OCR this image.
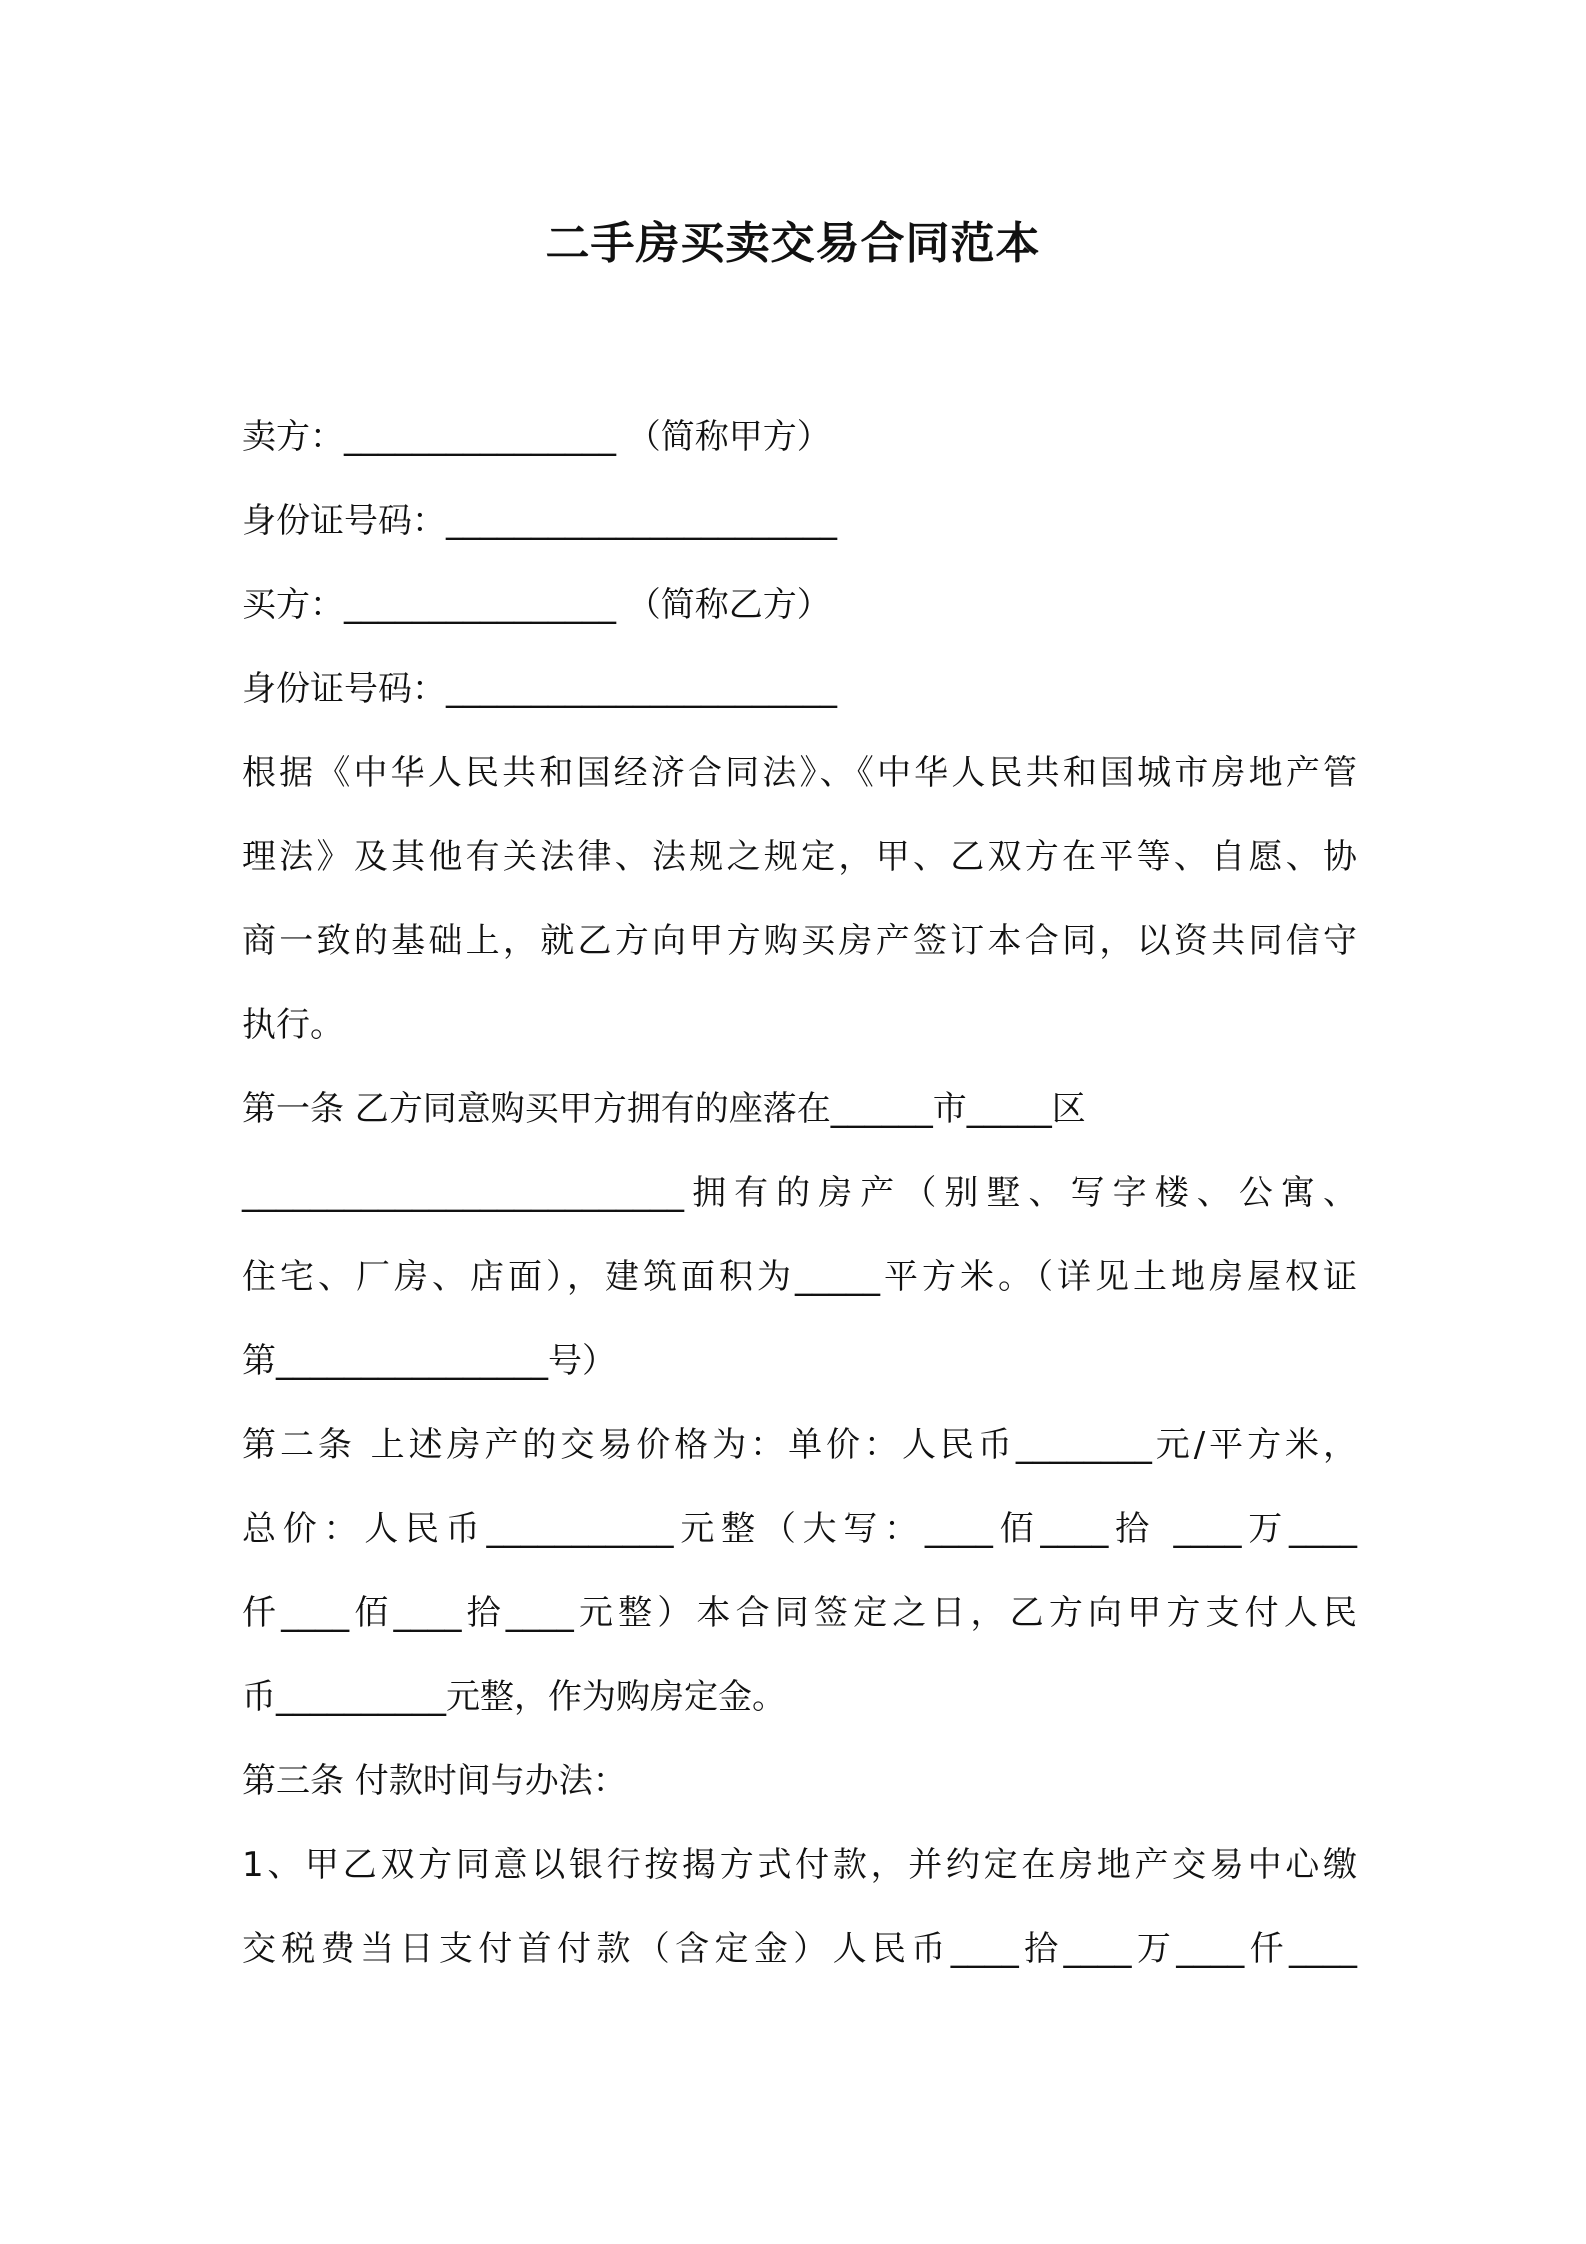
二手房买卖交易合同范本
卖方：________________ （简称甲方）
身份证号码：_______________________
买方：________________ （简称乙方）
身份证号码：_______________________
根据《中华人民共和国经济合同法》、《中华人民共和国城市房地产管
理法》及其他有关法律、法规之规定，甲、乙双方在平等、自愿、协
商一致的基础上，就乙方向甲方购买房产签订本合同，以资共同信守
执行。
第一条 乙方同意购买甲方拥有的座落在______市_____区
__________________________拥有的房产（别墅、写字楼、公寓、
住宅、厂房、店面），建筑面积为_____平方米。（详见土地房屋权证
第________________号）
第二条 上述房产的交易价格为：单价：人民币________元/平方米，
总价：人民币___________元整（大写：____佰____拾 ____万____
仟____佰____拾____元整）本合同签定之日，乙方向甲方支付人民
币__________元整，作为购房定金。
第三条 付款时间与办法：
1、甲乙双方同意以银行按揭方式付款，并约定在房地产交易中心缴
交税费当日支付首付款（含定金）人民币____拾____万____仟____
